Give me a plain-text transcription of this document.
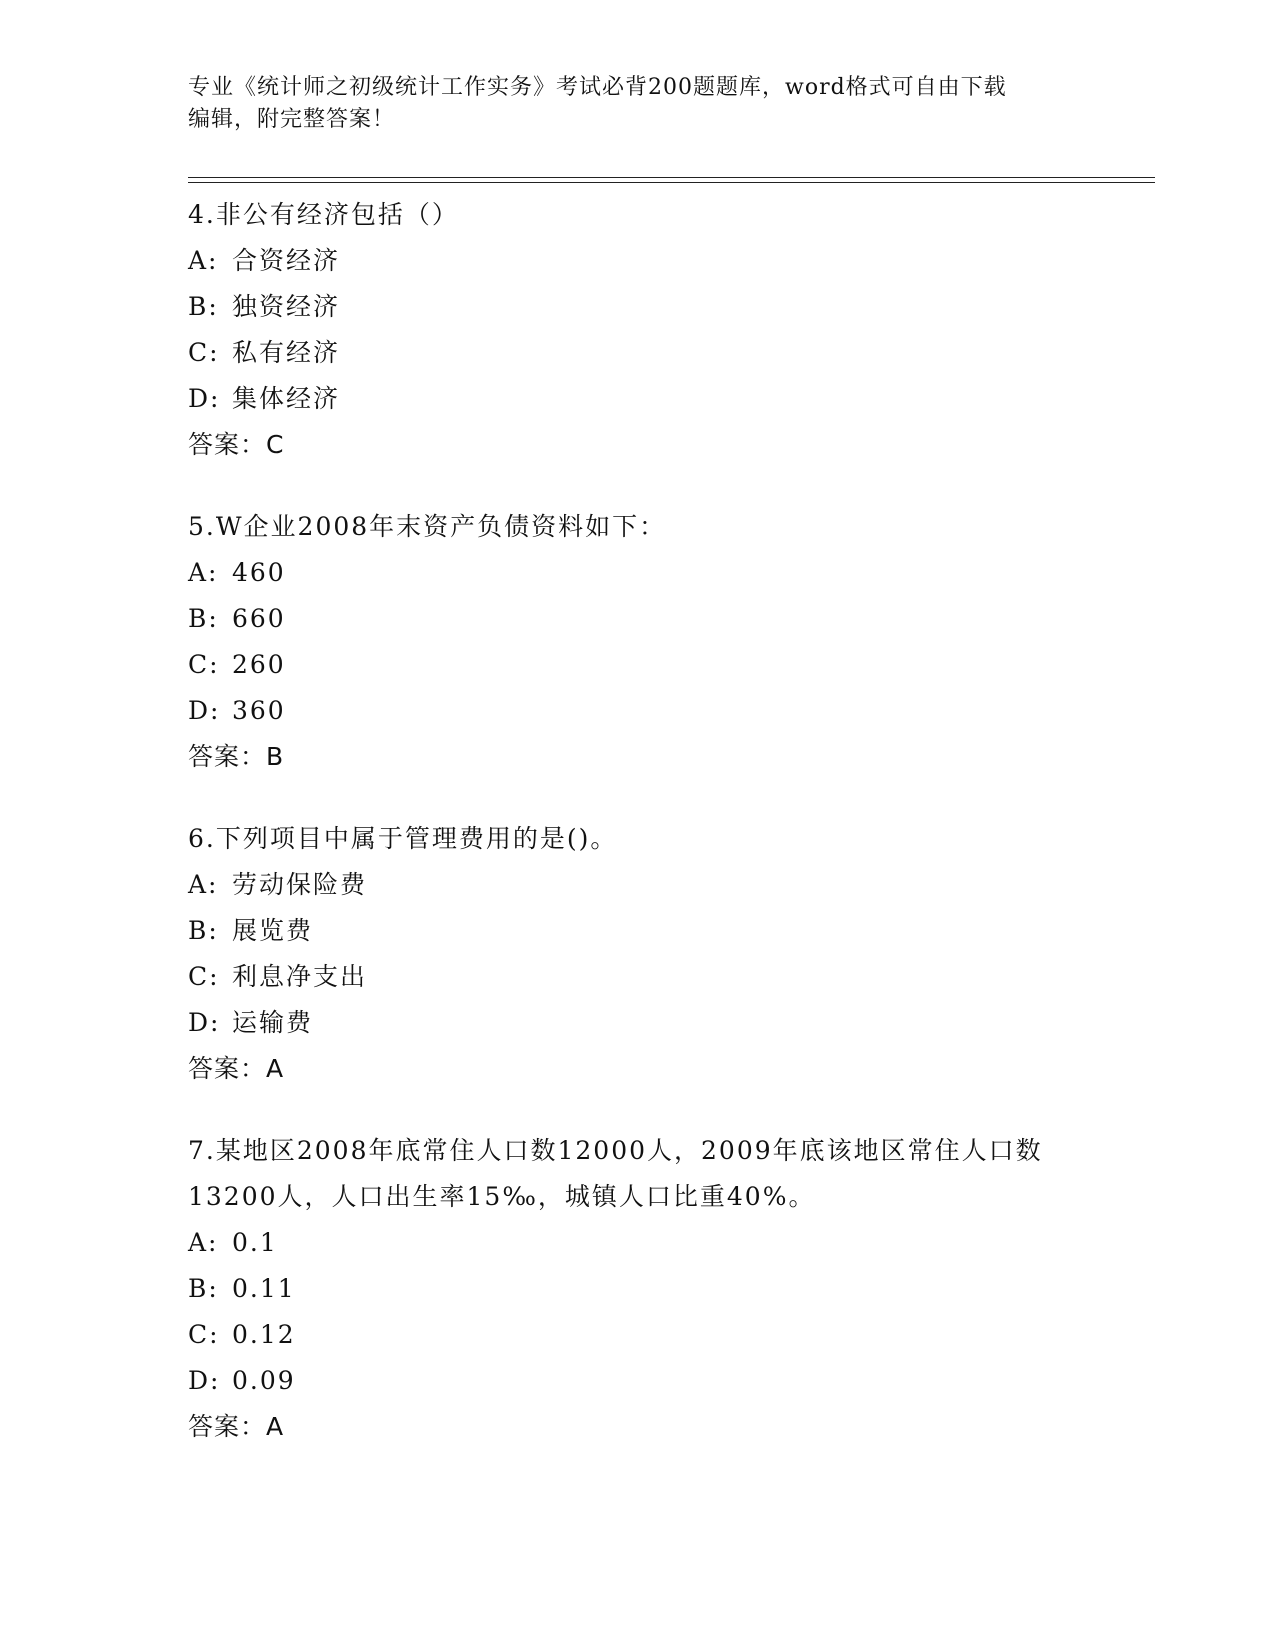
专业《统计师之初级统计工作实务》考试必背200题题库，word格式可自由下载
编辑，附完整答案！
4.非公有经济包括（）
A: 合资经济
B: 独资经济
C: 私有经济
D: 集体经济
答案：C
5.W企业2008年末资产负债资料如下：
A: 460
B: 660
C: 260
D: 360
答案：B
6.下列项目中属于管理费用的是()。
A: 劳动保险费
B: 展览费
C: 利息净支出
D: 运输费
答案：A
7.某地区2008年底常住人口数12000人，2009年底该地区常住人口数13200人，人口出生率15‰，城镇人口比重40%。
A: 0.1
B: 0.11
C: 0.12
D: 0.09
答案：A
